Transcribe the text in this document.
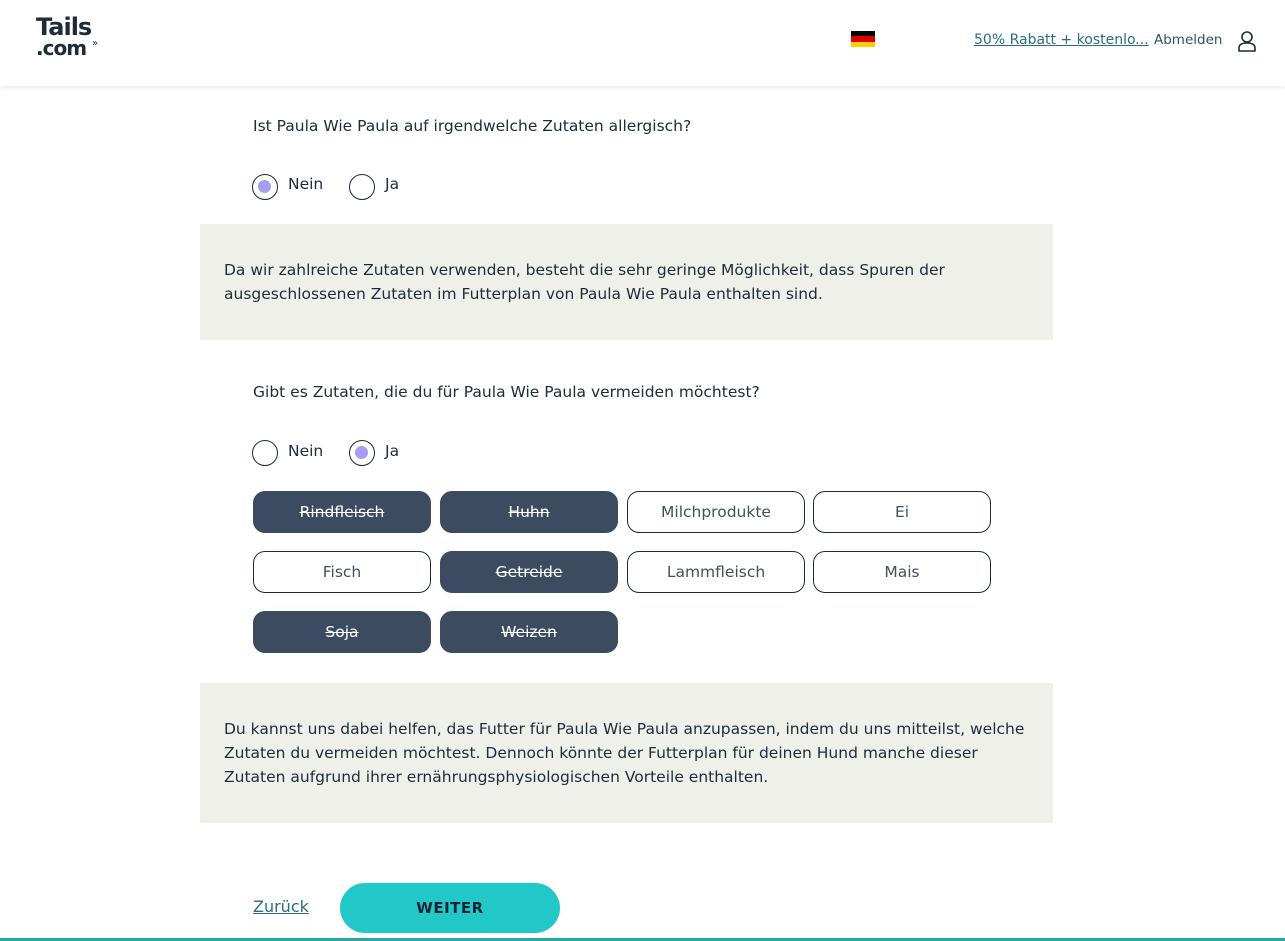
Tails
.com »	50% Rabatt + kostenlo... Abmelden
Ist Paula Wie Paula auf irgendwelche Zutaten allergisch?
Nein	Ja
Da wir zahlreiche Zutaten verwenden, besteht die sehr geringe Möglichkeit, dass Spuren der ausgeschlossenen Zutaten im Futterplan von Paula Wie Paula enthalten sind.
Gibt es Zutaten, die du für Paula Wie Paula vermeiden möchtest?
Nein	Ja
Rindfleisch	Huhn	Milchprodukte	Ei
Fisch	Getreide	Lammfleisch	Mais
Soja	Weizen
Du kannst uns dabei helfen, das Futter für Paula Wie Paula anzupassen, indem du uns mitteilst, welche Zutaten du vermeiden möchtest. Dennoch könnte der Futterplan für deinen Hund manche dieser Zutaten aufgrund ihrer ernährungsphysiologischen Vorteile enthalten.
Zurück	WEITER
